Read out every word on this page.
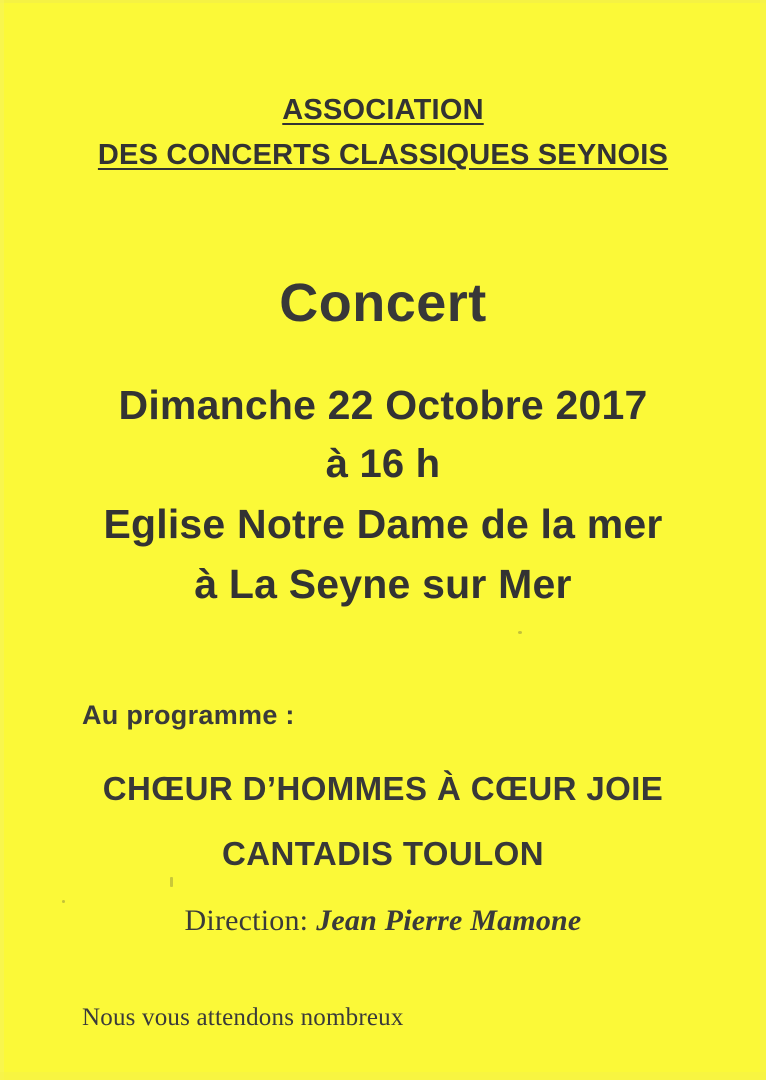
ASSOCIATION
DES CONCERTS CLASSIQUES SEYNOIS
Concert
Dimanche 22 Octobre 2017
à 16 h
Eglise Notre Dame de la mer
à La Seyne sur Mer
Au programme :
CHŒUR D’HOMMES À CŒUR JOIE
CANTADIS TOULON
Direction: Jean Pierre Mamone
Nous vous attendons nombreux
